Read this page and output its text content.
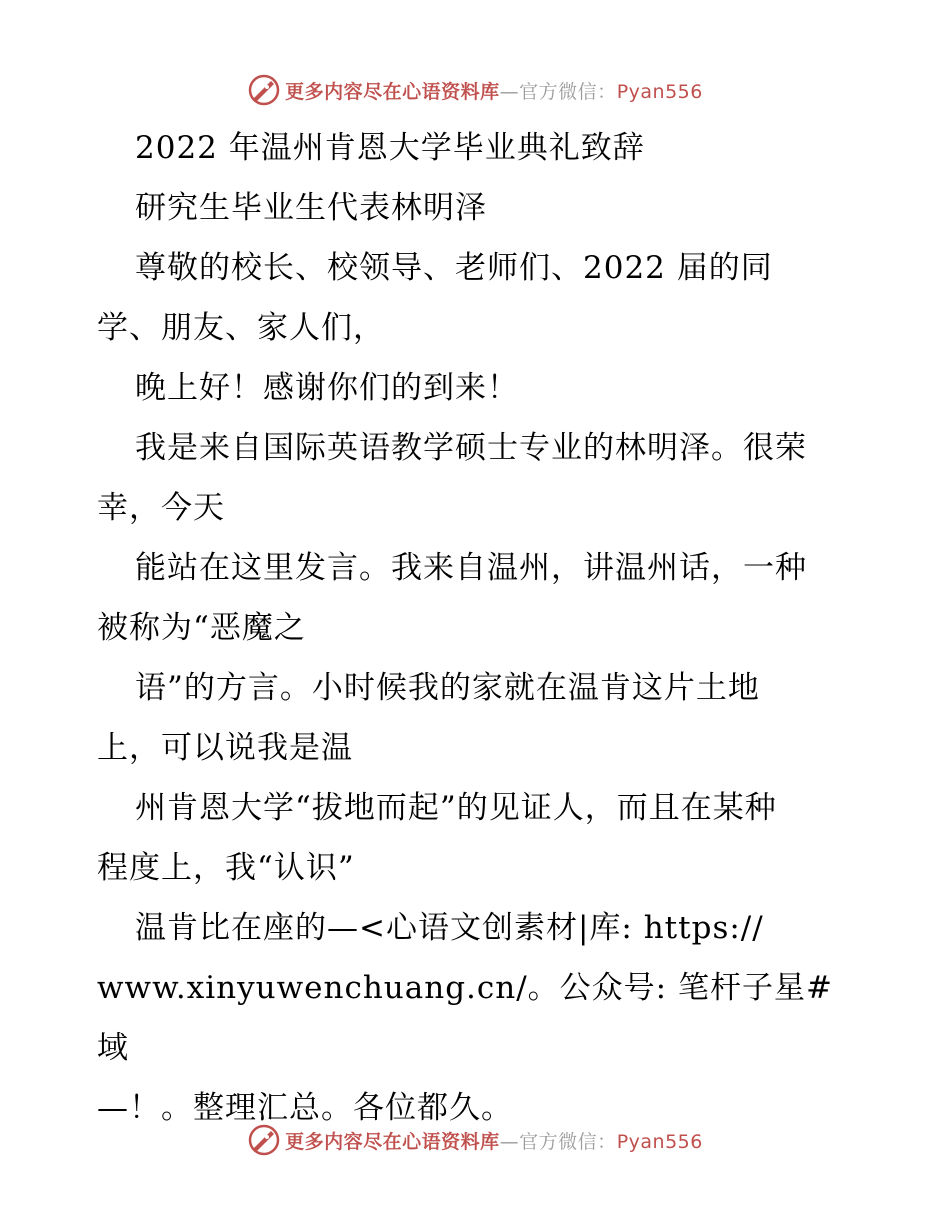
更多内容尽在心语资料库—官方微信：Pyan556

2022 年温州肯恩大学毕业典礼致辞

研究生毕业生代表林明泽

尊敬的校长、校领导、老师们、2022 届的同

学、朋友、家人们，

晚上好！感谢你们的到来！

我是来自国际英语教学硕士专业的林明泽。很荣

幸，今天

能站在这里发言。我来自温州，讲温州话，一种

被称为“恶魔之

语”的方言。小时候我的家就在温肯这片土地

上，可以说我是温

州肯恩大学“拔地而起”的见证人，而且在某种

程度上，我“认识”

温肯比在座的—<心语文创素材|库: https://

www.xinyuwenchuang.cn/。公众号: 笔杆子星#域

—！。整理汇总。各位都久。

更多内容尽在心语资料库—官方微信：Pyan556
